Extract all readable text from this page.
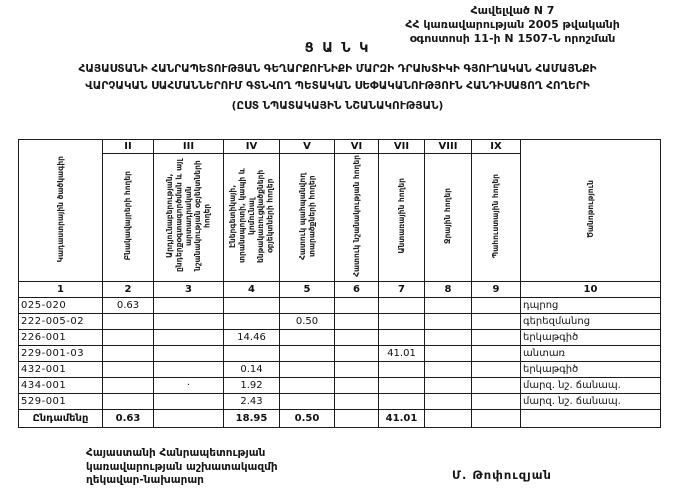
Հավելված N 7
ՀՀ կառավարության 2005 թվականի
օգոստոսի 11-ի N 1507-Ն որոշման
Ց Ա Ն Կ
ՀԱՅԱՍՏԱՆԻ ՀԱՆՐԱՊԵՏՈՒԹՅԱՆ ԳԵՂԱՐՔՈՒՆԻՔԻ ՄԱՐԶԻ ԴՐԱԽՏԻԿԻ ԳՅՈՒՂԱԿԱՆ ՀԱՄԱՅՆՔԻ
ՎԱՐՉԱԿԱՆ ՍԱՀՄԱՆՆԵՐՈՒՄ ԳՏՆՎՈՂ ՊԵՏԱԿԱՆ ՍԵՓԱԿԱՆՈՒԹՅՈՒՆ ՀԱՆԴԻՍԱՑՈՂ ՀՈՂԵՐԻ
(ԸՍՏ ՆՊԱՏԱԿԱՅԻՆ ՆՇԱՆԱԿՈՒԹՅԱՆ)
Կադաստրային ծածկագիր	II	III	IV	V	VI	VII	VIII	IX	Ծանոթություն
	Բնակավայրերի հողեր	Արդյունաբերության, ընդերքօգտագործման և այլ արտադրական նշանակության օբյեկտների հողեր	Էներգետիկայի, տրանսպորտի, կապի և կոմունալ ենթակառուցվածքների օբյեկտների հողեր	Հատուկ պահպանվող տարածքների հողեր	Հատուկ նշանակության հողեր	Անտառային հողեր	Ջրային հողեր	Պահուստային հողեր	
1	2	3	4	5	6	7	8	9	10
025-020	0.63								դպրոց
222-005-02				0.50					գերեզմանոց
226-001			14.46						երկաթգիծ
229-001-03						41.01			անտառ
432-001			0.14						երկաթգիծ
434-001		·	1.92						մարզ. նշ. ճանապ.
529-001			2.43						մարզ. նշ. ճանապ.
Ընդամենը	0.63		18.95	0.50		41.01			
Հայաստանի Հանրապետության
կառավարության աշխատակազմի
ղեկավար-նախարար	Մ. Թոփուզյան
